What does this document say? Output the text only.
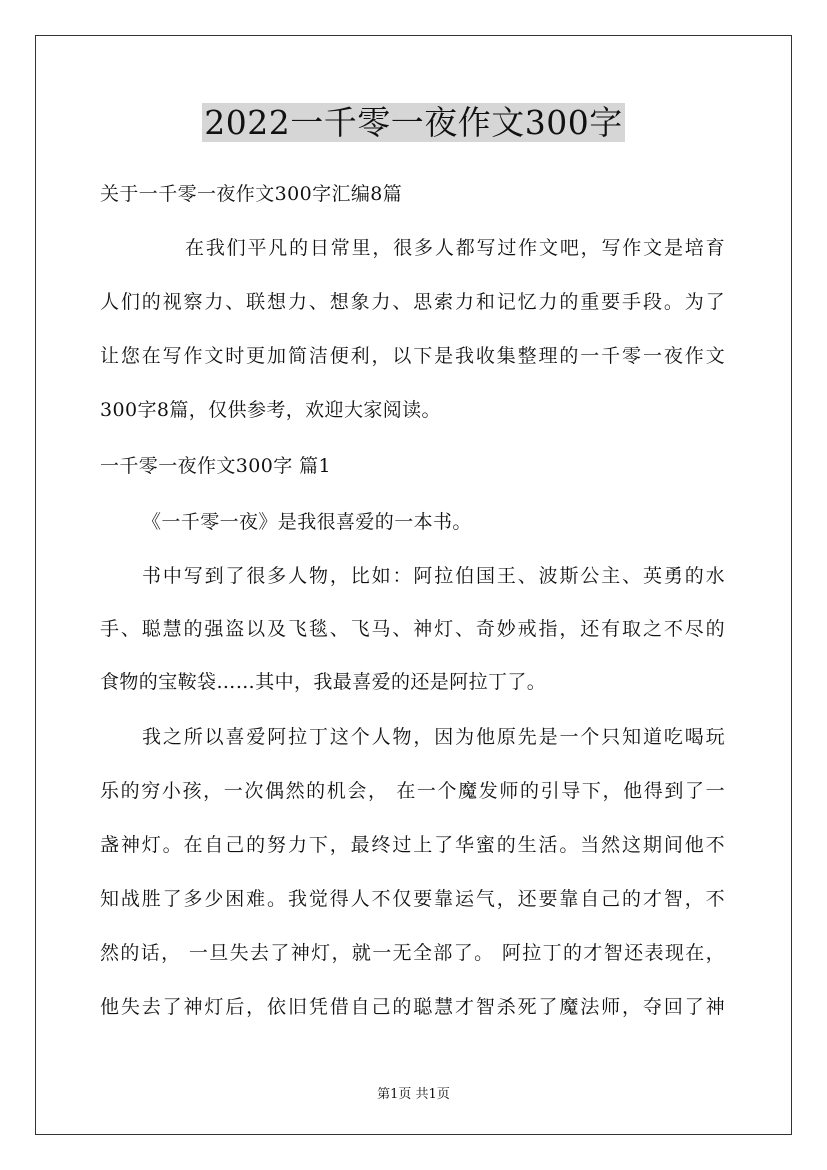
2022一千零一夜作文300字
关于一千零一夜作文300字汇编8篇
在我们平凡的日常里，很多人都写过作文吧，写作文是培育
人们的视察力、联想力、想象力、思索力和记忆力的重要手段。为了
让您在写作文时更加简洁便利，以下是我收集整理的一千零一夜作文
300字8篇，仅供参考，欢迎大家阅读。
一千零一夜作文300字 篇1
《一千零一夜》是我很喜爱的一本书。
书中写到了很多人物，比如：阿拉伯国王、波斯公主、英勇的水
手、聪慧的强盗以及飞毯、飞马、神灯、奇妙戒指，还有取之不尽的
食物的宝鞍袋……其中，我最喜爱的还是阿拉丁了。
我之所以喜爱阿拉丁这个人物，因为他原先是一个只知道吃喝玩
乐的穷小孩，一次偶然的机会， 在一个魔发师的引导下，他得到了一
盏神灯。在自己的努力下，最终过上了华蜜的生活。当然这期间他不
知战胜了多少困难。我觉得人不仅要靠运气，还要靠自己的才智，不
然的话， 一旦失去了神灯，就一无全部了。 阿拉丁的才智还表现在，
他失去了神灯后，依旧凭借自己的聪慧才智杀死了魔法师，夺回了神
第1页 共1页
